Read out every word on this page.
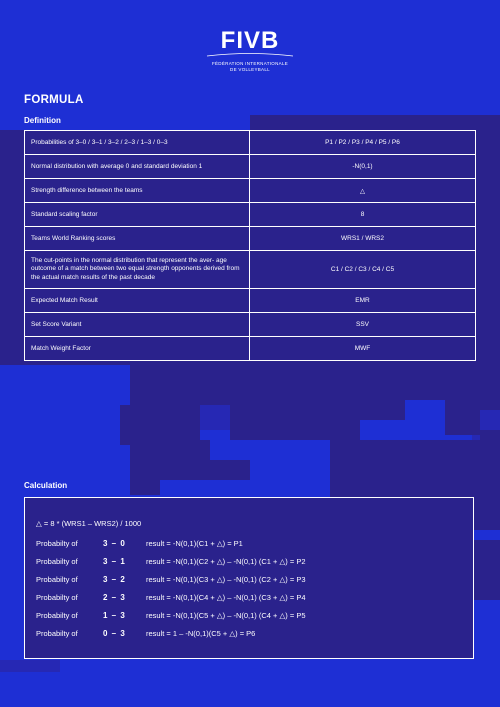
FIVB
FÉDÉRATION INTERNATIONALE
DE VOLLEYBALL
FORMULA
Definition
Probabilities of 3–0 / 3–1 / 3–2 / 2–3 / 1–3 / 0–3	P1 / P2 / P3 / P4 / P5 / P6
Normal distribution with average 0 and standard deviation 1	-N(0,1)
Strength difference between the teams	△
Standard scaling factor	8
Teams World Ranking scores	WRS1 / WRS2
The cut-points in the normal distribution that represent the aver- age outcome of a match between two equal strength opponents derived from the actual match results of the past decade	C1 / C2 / C3 / C4 / C5
Expected Match Result	EMR
Set Score Variant	SSV
Match Weight Factor	MWF
Calculation
△ = 8 * (WRS1 – WRS2) / 1000
Probabilty of	3 – 0	result = -N(0,1)(C1 + △) = P1
Probabilty of	3 – 1	result = -N(0,1)(C2 + △) – -N(0,1) (C1 + △) = P2
Probabilty of	3 – 2	result = -N(0,1)(C3 + △) – -N(0,1) (C2 + △) = P3
Probabilty of	2 – 3	result = -N(0,1)(C4 + △) – -N(0,1) (C3 + △) = P4
Probabilty of	1 – 3	result = -N(0,1)(C5 + △) – -N(0,1) (C4 + △) = P5
Probabilty of	0 – 3	result = 1 – -N(0,1)(C5 + △) = P6
